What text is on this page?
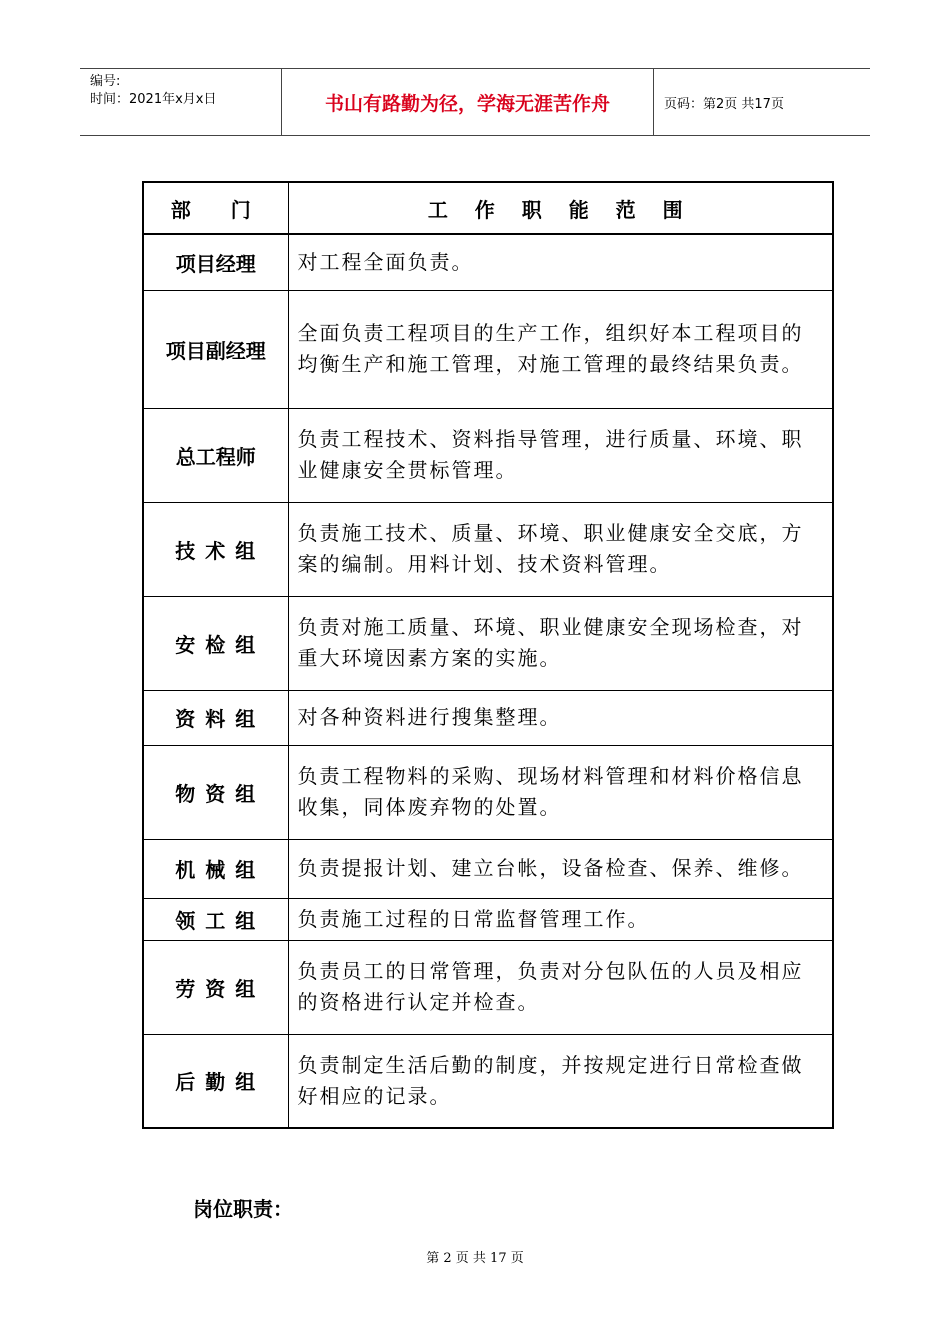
编号:
时间：2021年x月x日	书山有路勤为径，学海无涯苦作舟	页码：第2页 共17页
部　门	工 作 职 能 范 围
项目经理	对工程全面负责。
项目副经理	全面负责工程项目的生产工作，组织好本工程项目的均衡生产和施工管理，对施工管理的最终结果负责。
总工程师	负责工程技术、资料指导管理，进行质量、环境、职业健康安全贯标管理。
技术组	负责施工技术、质量、环境、职业健康安全交底，方案的编制。用料计划、技术资料管理。
安检组	负责对施工质量、环境、职业健康安全现场检查，对重大环境因素方案的实施。
资料组	对各种资料进行搜集整理。
物资组	负责工程物料的采购、现场材料管理和材料价格信息收集，同体废弃物的处置。
机械组	负责提报计划、建立台帐，设备检查、保养、维修。
领工组	负责施工过程的日常监督管理工作。
劳资组	负责员工的日常管理，负责对分包队伍的人员及相应的资格进行认定并检查。
后勤组	负责制定生活后勤的制度，并按规定进行日常检查做好相应的记录。
岗位职责：
第 2 页 共 17 页
